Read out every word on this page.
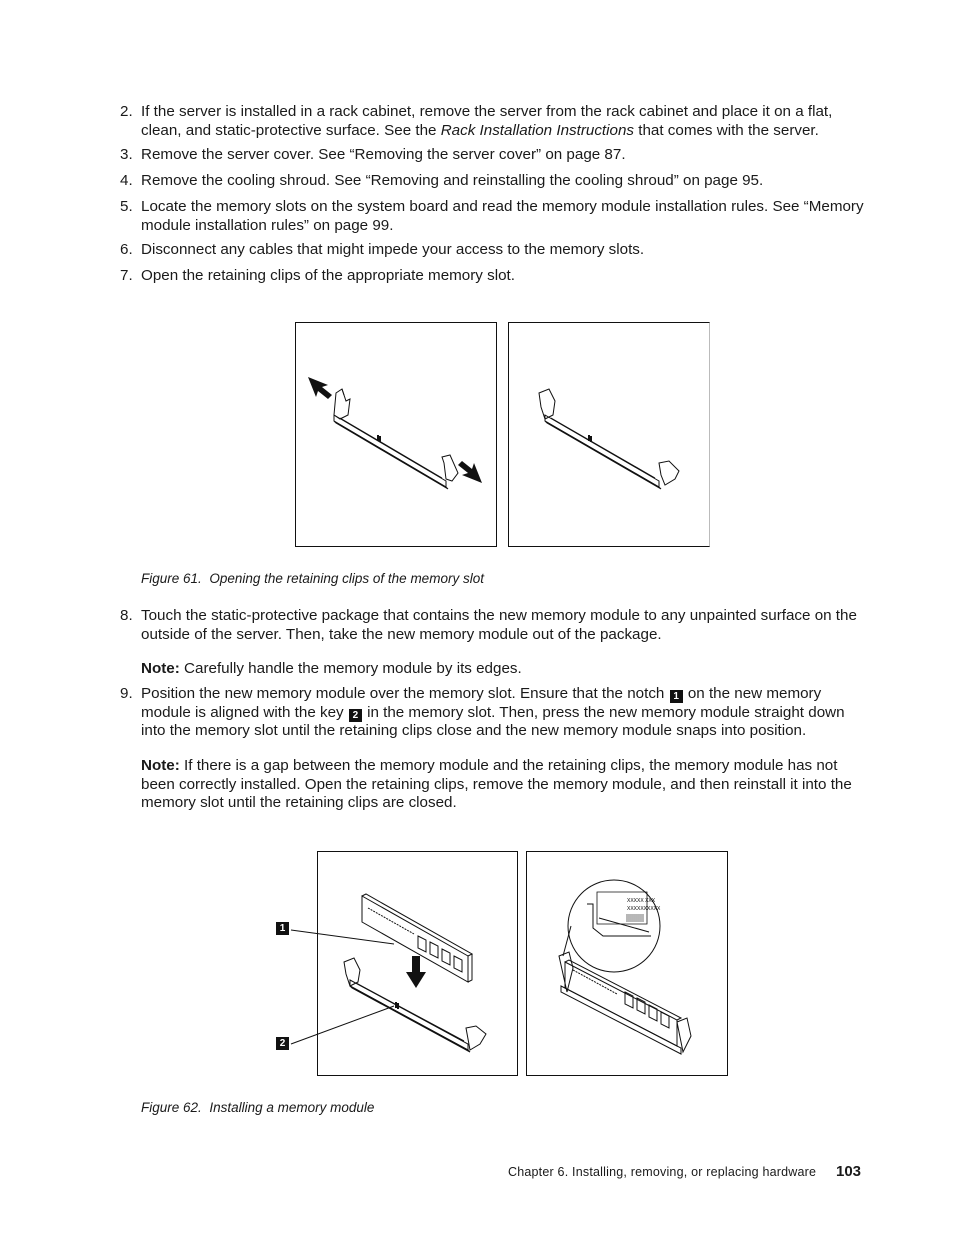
2. If the server is installed in a rack cabinet, remove the server from the rack cabinet and place it on a flat, clean, and static-protective surface. See the Rack Installation Instructions that comes with the server.
3. Remove the server cover. See “Removing the server cover” on page 87.
4. Remove the cooling shroud. See “Removing and reinstalling the cooling shroud” on page 95.
5. Locate the memory slots on the system board and read the memory module installation rules. See “Memory module installation rules” on page 99.
6. Disconnect any cables that might impede your access to the memory slots.
7. Open the retaining clips of the appropriate memory slot.
Figure 61. Opening the retaining clips of the memory slot
8. Touch the static-protective package that contains the new memory module to any unpainted surface on the outside of the server. Then, take the new memory module out of the package.
Note: Carefully handle the memory module by its edges.
9. Position the new memory module over the memory slot. Ensure that the notch 1 on the new memory module is aligned with the key 2 in the memory slot. Then, press the new memory module straight down into the memory slot until the retaining clips close and the new memory module snaps into position.
Note: If there is a gap between the memory module and the retaining clips, the memory module has not been correctly installed. Open the retaining clips, remove the memory module, and then reinstall it into the memory slot until the retaining clips are closed.
1
2
XXXXX XXX
XXXXXXXXXX
Figure 62. Installing a memory module
Chapter 6. Installing, removing, or replacing hardware 103
